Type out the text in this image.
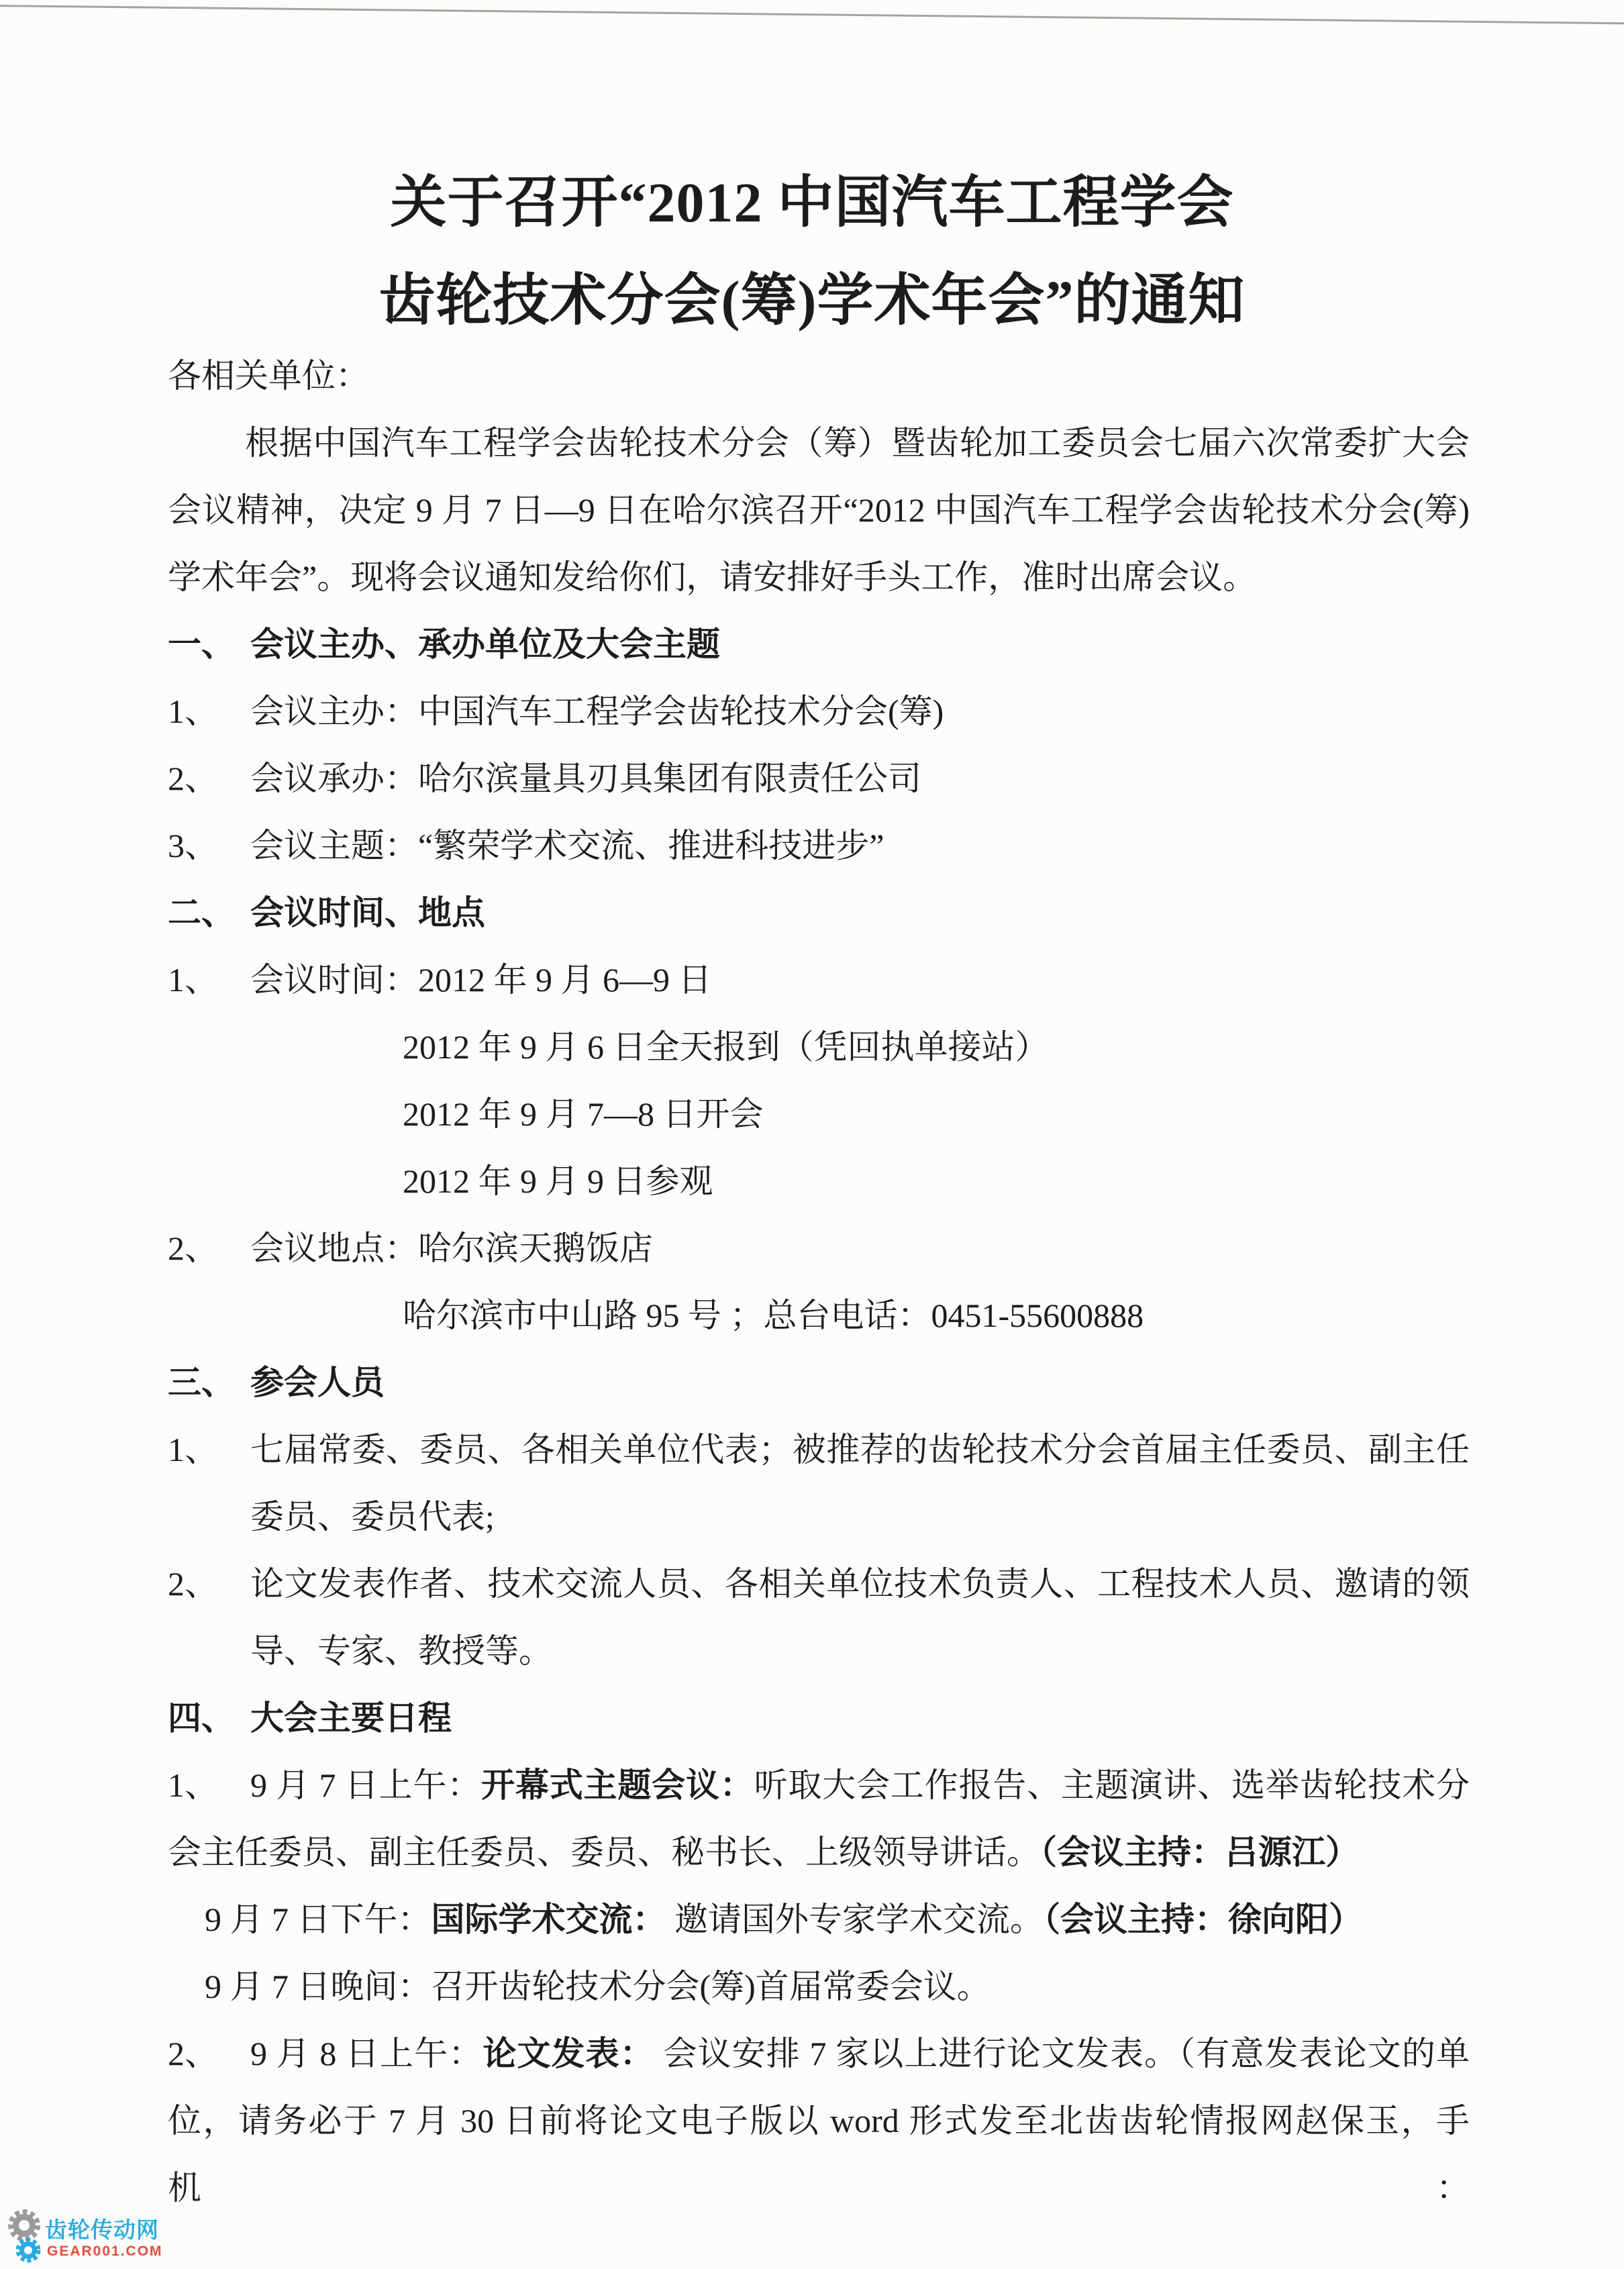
关于召开“2012 中国汽车工程学会
齿轮技术分会(筹)学术年会”的通知
各相关单位：
根据中国汽车工程学会齿轮技术分会（筹）暨齿轮加工委员会七届六次常委扩大会
会议精神，决定 9 月 7 日—9 日在哈尔滨召开“2012 中国汽车工程学会齿轮技术分会(筹)
学术年会”。现将会议通知发给你们，请安排好手头工作，准时出席会议。
一、 会议主办、承办单位及大会主题
1、 会议主办：中国汽车工程学会齿轮技术分会(筹)
2、 会议承办：哈尔滨量具刃具集团有限责任公司
3、 会议主题：“繁荣学术交流、推进科技进步”
二、 会议时间、地点
1、 会议时间：2012 年 9 月 6—9 日
2012 年 9 月 6 日全天报到（凭回执单接站）
2012 年 9 月 7—8 日开会
2012 年 9 月 9 日参观
2、 会议地点：哈尔滨天鹅饭店
哈尔滨市中山路 95 号 ；总台电话：0451-55600888
三、 参会人员
1、 七届常委、委员、各相关单位代表；被推荐的齿轮技术分会首届主任委员、副主任
委员、委员代表;
2、 论文发表作者、技术交流人员、各相关单位技术负责人、工程技术人员、邀请的领
导、专家、教授等。
四、 大会主要日程
1、 9 月 7 日上午：开幕式主题会议：听取大会工作报告、主题演讲、选举齿轮技术分
会主任委员、副主任委员、委员、秘书长、上级领导讲话。（会议主持：吕源江）
9 月 7 日下午：国际学术交流： 邀请国外专家学术交流。（会议主持：徐向阳）
9 月 7 日晚间：召开齿轮技术分会(筹)首届常委会议。
2、 9 月 8 日上午：论文发表： 会议安排 7 家以上进行论文发表。（有意发表论文的单
位，请务必于 7 月 30 日前将论文电子版以 word 形式发至北齿齿轮情报网赵保玉，手机：
齿轮传动网
GEAR001.COM
